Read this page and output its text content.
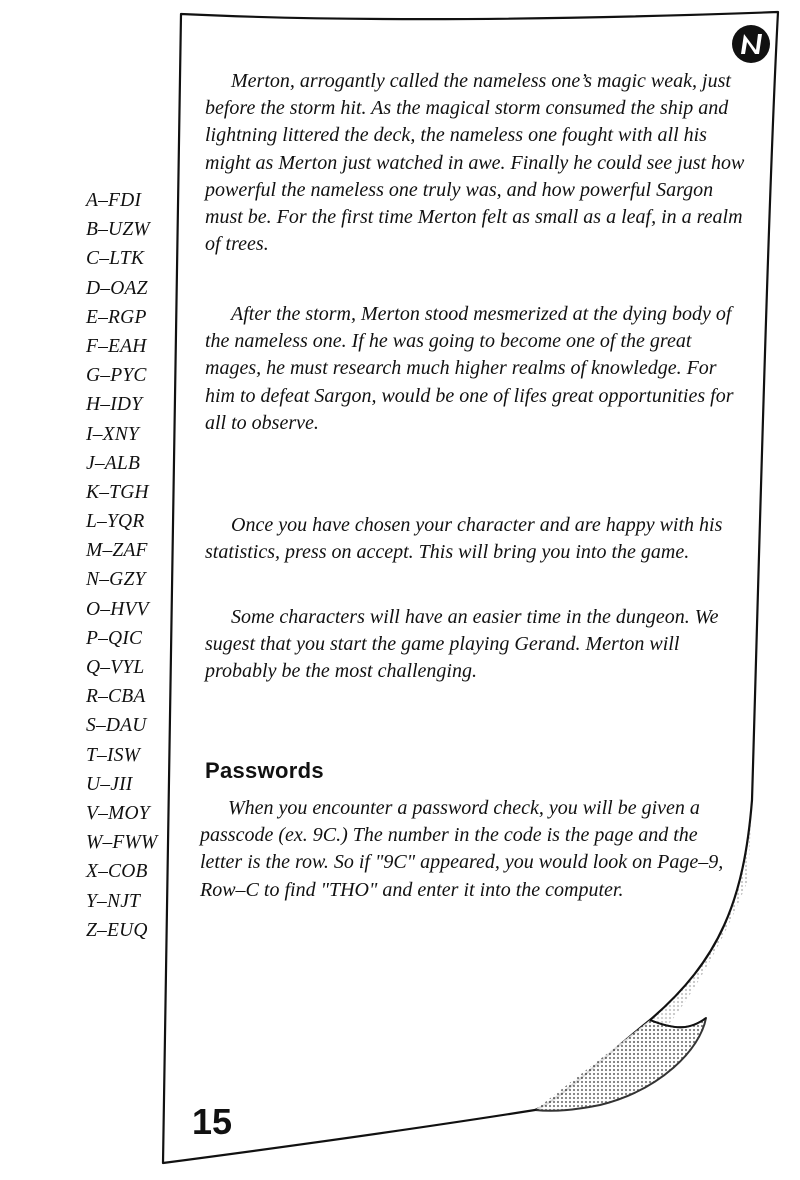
A–FDI
B–UZW
C–LTK
D–OAZ
E–RGP
F–EAH
G–PYC
H–IDY
I–XNY
J–ALB
K–TGH
L–YQR
M–ZAF
N–GZY
O–HVV
P–QIC
Q–VYL
R–CBA
S–DAU
T–ISW
U–JII
V–MOY
W–FWW
X–COB
Y–NJT
Z–EUQ

Merton, arrogantly called the nameless one’s magic weak, just before the storm hit. As the magical storm consumed the ship and lightning littered the deck, the nameless one fought with all his might as Merton just watched in awe. Finally he could see just how powerful the nameless one truly was, and how powerful Sargon must be. For the first time Merton felt as small as a leaf, in a realm of trees.

After the storm, Merton stood mesmerized at the dying body of the nameless one. If he was going to become one of the great mages, he must research much higher realms of knowledge. For him to defeat Sargon, would be one of lifes great opportunities for all to observe.

Once you have chosen your character and are happy with his statistics, press on accept. This will bring you into the game.

Some characters will have an easier time in the dungeon. We sugest that you start the game playing Gerand. Merton will probably be the most challenging.

Passwords

When you encounter a password check, you will be given a passcode (ex. 9C.) The number in the code is the page and the letter is the row. So if "9C" appeared, you would look on Page–9, Row–C to find "THO" and enter it into the computer.

15
